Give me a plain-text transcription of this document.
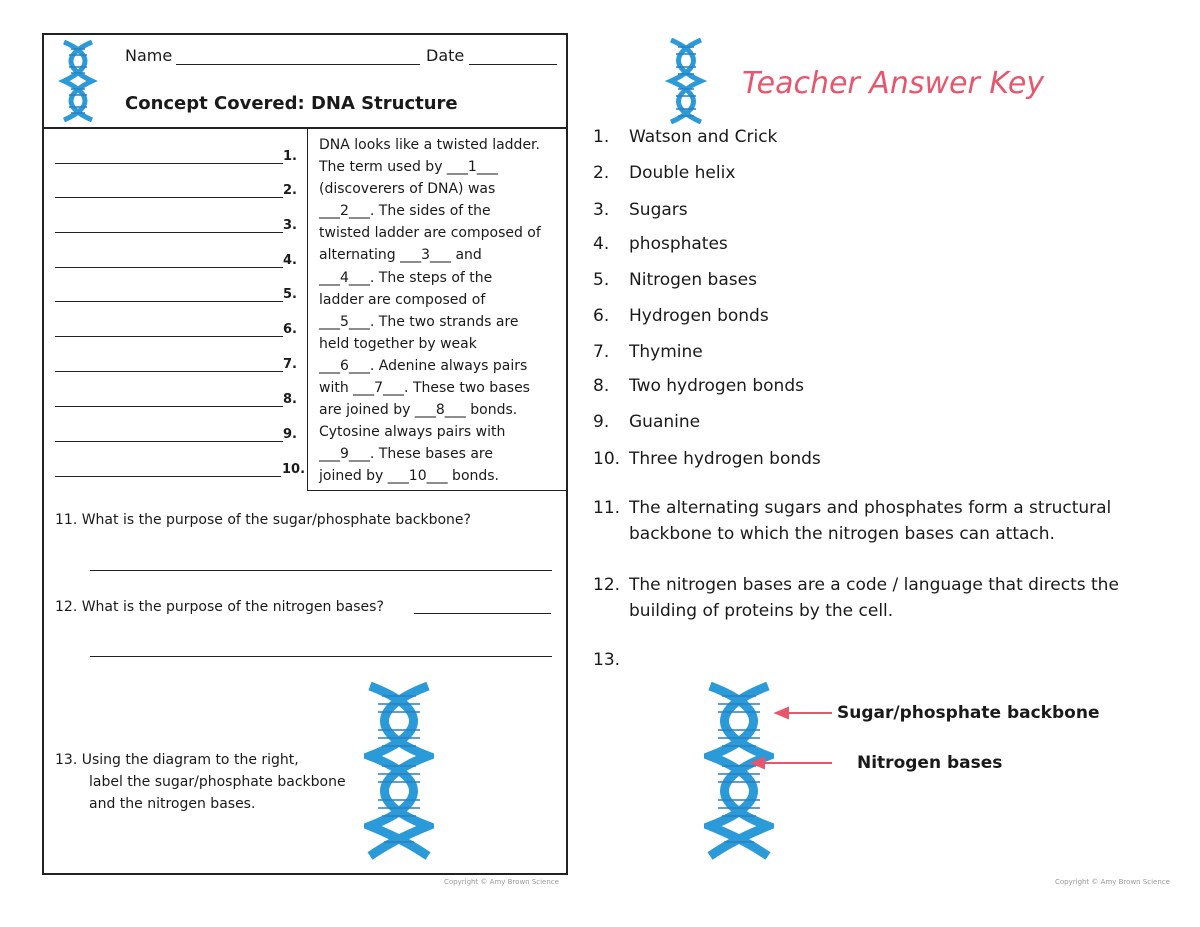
Name	Date
Concept Covered: DNA Structure
1.
2.
3.
4.
5.
6.
7.
8.
9.
10.
DNA looks like a twisted ladder.
The term used by ___1___
(discoverers of DNA) was
___2___. The sides of the
twisted ladder are composed of
alternating ___3___ and
___4___. The steps of the
ladder are composed of
___5___. The two strands are
held together by weak
___6___. Adenine always pairs
with ___7___. These two bases
are joined by ___8___ bonds.
Cytosine always pairs with
___9___. These bases are
joined by ___10___ bonds.
11. What is the purpose of the sugar/phosphate backbone?
12. What is the purpose of the nitrogen bases?
13. Using the diagram to the right,
label the sugar/phosphate backbone
and the nitrogen bases.
Copyright © Amy Brown Science
Teacher Answer Key
1. Watson and Crick
2. Double helix
3. Sugars
4. phosphates
5. Nitrogen bases
6. Hydrogen bonds
7. Thymine
8. Two hydrogen bonds
9. Guanine
10. Three hydrogen bonds
11. The alternating sugars and phosphates form a structural
backbone to which the nitrogen bases can attach.
12. The nitrogen bases are a code / language that directs the
building of proteins by the cell.
13.
Sugar/phosphate backbone
Nitrogen bases
Copyright © Amy Brown Science
